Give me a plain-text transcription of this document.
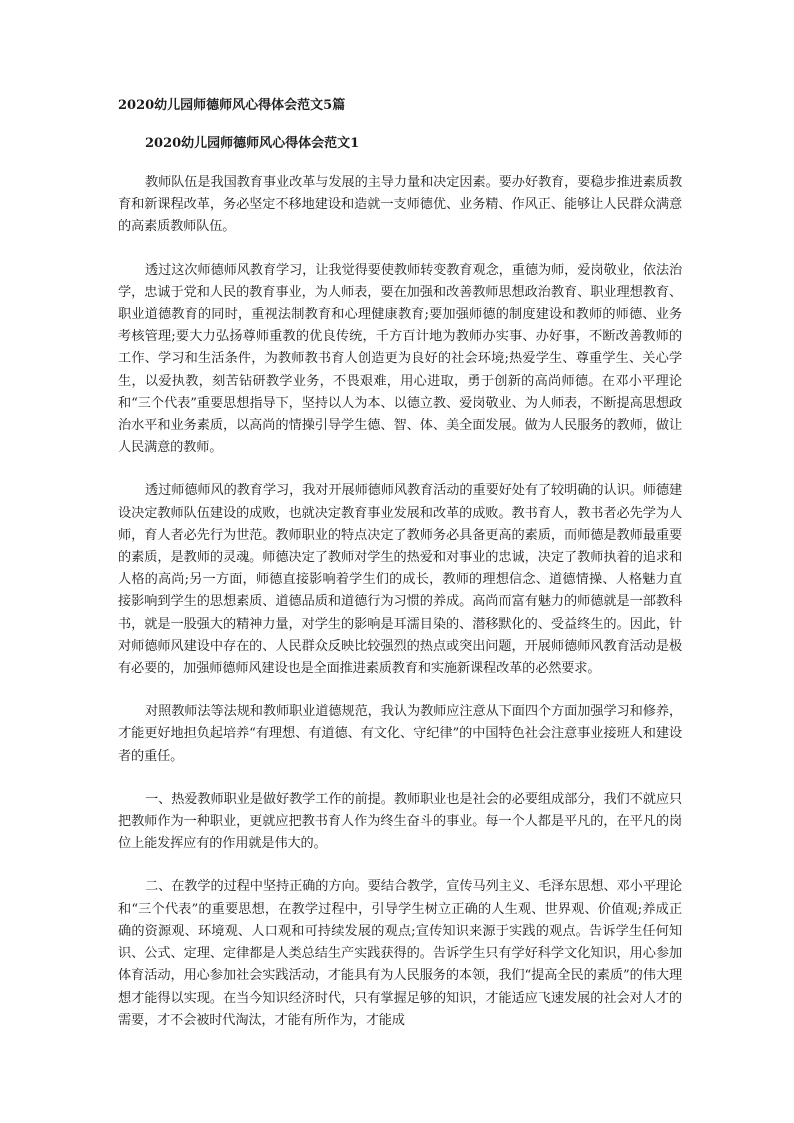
2020幼儿园师德师风心得体会范文5篇
2020幼儿园师德师风心得体会范文1

教师队伍是我国教育事业改革与发展的主导力量和决定因素。要办好教育，要稳步推进素质教育和新课程改革，务必坚定不移地建设和造就一支师德优、业务精、作风正、能够让人民群众满意的高素质教师队伍。

透过这次师德师风教育学习，让我觉得要使教师转变教育观念，重德为师，爱岗敬业，依法治学，忠诚于党和人民的教育事业，为人师表，要在加强和改善教师思想政治教育、职业理想教育、职业道德教育的同时，重视法制教育和心理健康教育;要加强师德的制度建设和教师的师德、业务考核管理;要大力弘扬尊师重教的优良传统，千方百计地为教师办实事、办好事，不断改善教师的工作、学习和生活条件，为教师教书育人创造更为良好的社会环境;热爱学生、尊重学生、关心学生，以爱执教，刻苦钻研教学业务，不畏艰难，用心进取，勇于创新的高尚师德。在邓小平理论和“三个代表”重要思想指导下，坚持以人为本、以德立教、爱岗敬业、为人师表，不断提高思想政治水平和业务素质，以高尚的情操引导学生德、智、体、美全面发展。做为人民服务的教师，做让人民满意的教师。

透过师德师风的教育学习，我对开展师德师风教育活动的重要好处有了较明确的认识。师德建设决定教师队伍建设的成败，也就决定教育事业发展和改革的成败。教书育人，教书者必先学为人师，育人者必先行为世范。教师职业的特点决定了教师务必具备更高的素质，而师德是教师最重要的素质，是教师的灵魂。师德决定了教师对学生的热爱和对事业的忠诚，决定了教师执着的追求和人格的高尚;另一方面，师德直接影响着学生们的成长，教师的理想信念、道德情操、人格魅力直接影响到学生的思想素质、道德品质和道德行为习惯的养成。高尚而富有魅力的师德就是一部教科书，就是一股强大的精神力量，对学生的影响是耳濡目染的、潜移默化的、受益终生的。因此，针对师德师风建设中存在的、人民群众反映比较强烈的热点或突出问题，开展师德师风教育活动是极有必要的，加强师德师风建设也是全面推进素质教育和实施新课程改革的必然要求。

对照教师法等法规和教师职业道德规范，我认为教师应注意从下面四个方面加强学习和修养，才能更好地担负起培养“有理想、有道德、有文化、守纪律”的中国特色社会注意事业接班人和建设者的重任。

一、热爱教师职业是做好教学工作的前提。教师职业也是社会的必要组成部分，我们不就应只把教师作为一种职业，更就应把教书育人作为终生奋斗的事业。每一个人都是平凡的，在平凡的岗位上能发挥应有的作用就是伟大的。

二、在教学的过程中坚持正确的方向。要结合教学，宣传马列主义、毛泽东思想、邓小平理论和“三个代表”的重要思想，在教学过程中，引导学生树立正确的人生观、世界观、价值观;养成正确的资源观、环境观、人口观和可持续发展的观点;宣传知识来源于实践的观点。告诉学生任何知识、公式、定理、定律都是人类总结生产实践获得的。告诉学生只有学好科学文化知识，用心参加体育活动，用心参加社会实践活动，才能具有为人民服务的本领，我们“提高全民的素质”的伟大理想才能得以实现。在当今知识经济时代，只有掌握足够的知识，才能适应飞速发展的社会对人才的需要，才不会被时代淘汰，才能有所作为，才能成
